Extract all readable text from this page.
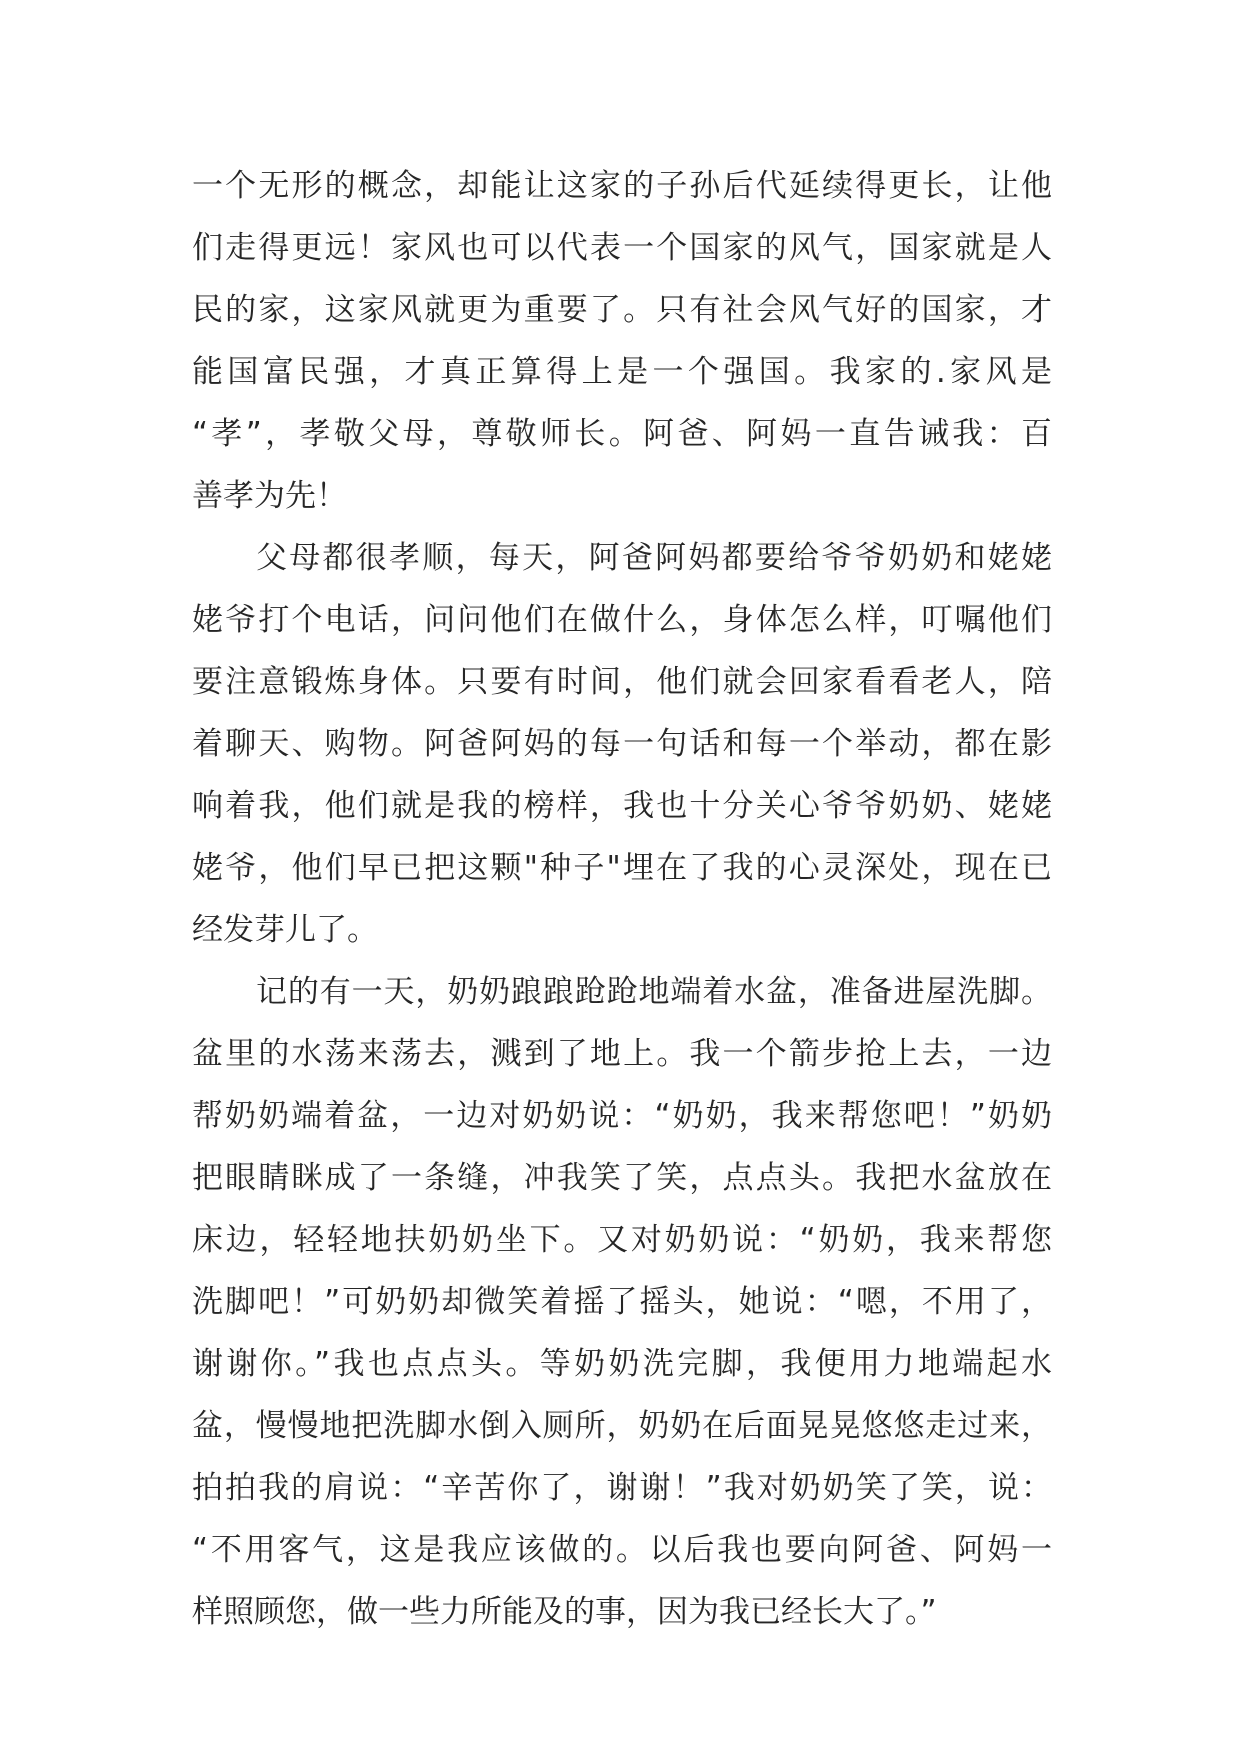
一个无形的概念，却能让这家的子孙后代延续得更长，让他
们走得更远！家风也可以代表一个国家的风气，国家就是人
民的家，这家风就更为重要了。只有社会风气好的国家，才
能国富民强，才真正算得上是一个强国。我家的.家风是
“孝”，孝敬父母，尊敬师长。阿爸、阿妈一直告诫我：百
善孝为先！
父母都很孝顺，每天，阿爸阿妈都要给爷爷奶奶和姥姥
姥爷打个电话，问问他们在做什么，身体怎么样，叮嘱他们
要注意锻炼身体。只要有时间，他们就会回家看看老人，陪
着聊天、购物。阿爸阿妈的每一句话和每一个举动，都在影
响着我，他们就是我的榜样，我也十分关心爷爷奶奶、姥姥
姥爷，他们早已把这颗"种子"埋在了我的心灵深处，现在已
经发芽儿了。
记的有一天，奶奶踉踉跄跄地端着水盆，准备进屋洗脚。
盆里的水荡来荡去，溅到了地上。我一个箭步抢上去，一边
帮奶奶端着盆，一边对奶奶说：“奶奶，我来帮您吧！”奶奶
把眼睛眯成了一条缝，冲我笑了笑，点点头。我把水盆放在
床边，轻轻地扶奶奶坐下。又对奶奶说：“奶奶，我来帮您
洗脚吧！”可奶奶却微笑着摇了摇头，她说：“嗯，不用了，
谢谢你。”我也点点头。等奶奶洗完脚，我便用力地端起水
盆，慢慢地把洗脚水倒入厕所，奶奶在后面晃晃悠悠走过来，
拍拍我的肩说：“辛苦你了，谢谢！”我对奶奶笑了笑，说：
“不用客气，这是我应该做的。以后我也要向阿爸、阿妈一
样照顾您，做一些力所能及的事，因为我已经长大了。”
